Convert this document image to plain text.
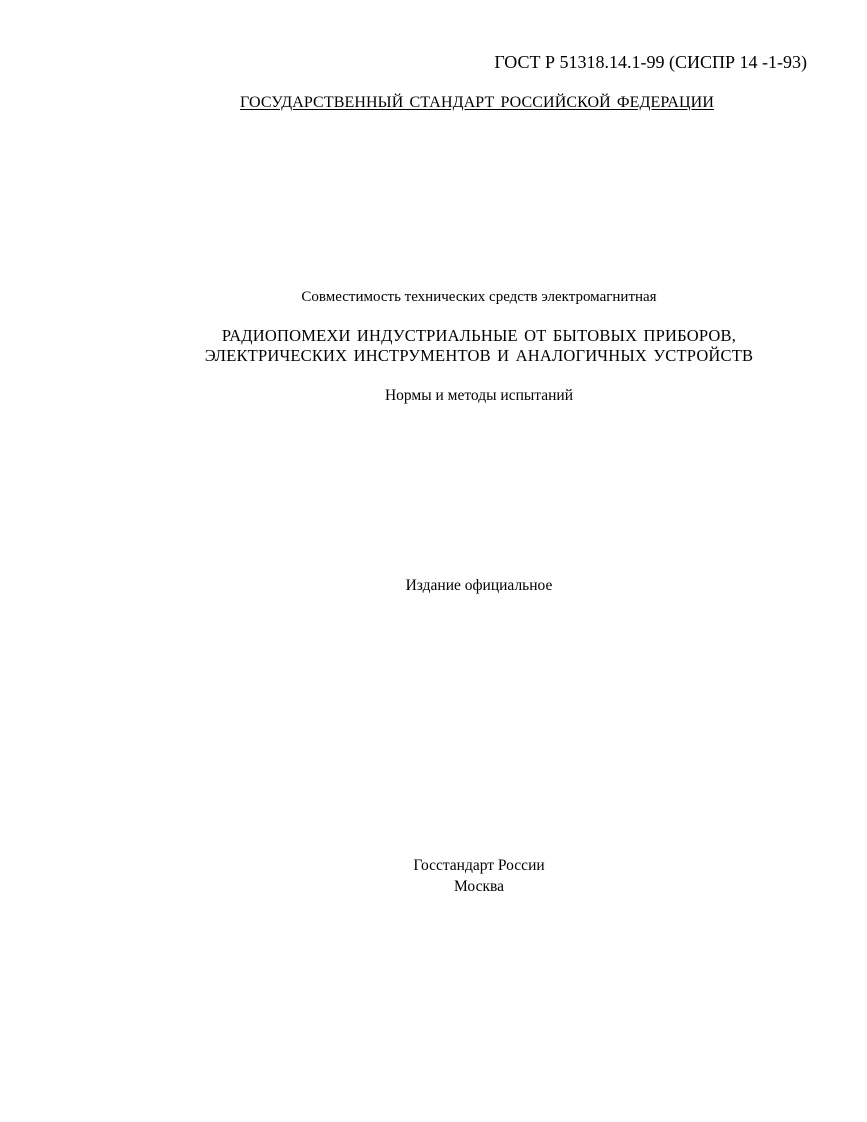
ГОСТ Р 51318.14.1-99 (СИСПР 14 -1-93)
ГОСУДАРСТВЕННЫЙ СТАНДАРТ РОССИЙСКОЙ ФЕДЕРАЦИИ
Совместимость технических средств электромагнитная
РАДИОПОМЕХИ ИНДУСТРИАЛЬНЫЕ ОТ БЫТОВЫХ ПРИБОРОВ,
ЭЛЕКТРИЧЕСКИХ ИНСТРУМЕНТОВ И АНАЛОГИЧНЫХ УСТРОЙСТВ
Нормы и методы испытаний
Издание официальное
Госстандарт России
Москва
